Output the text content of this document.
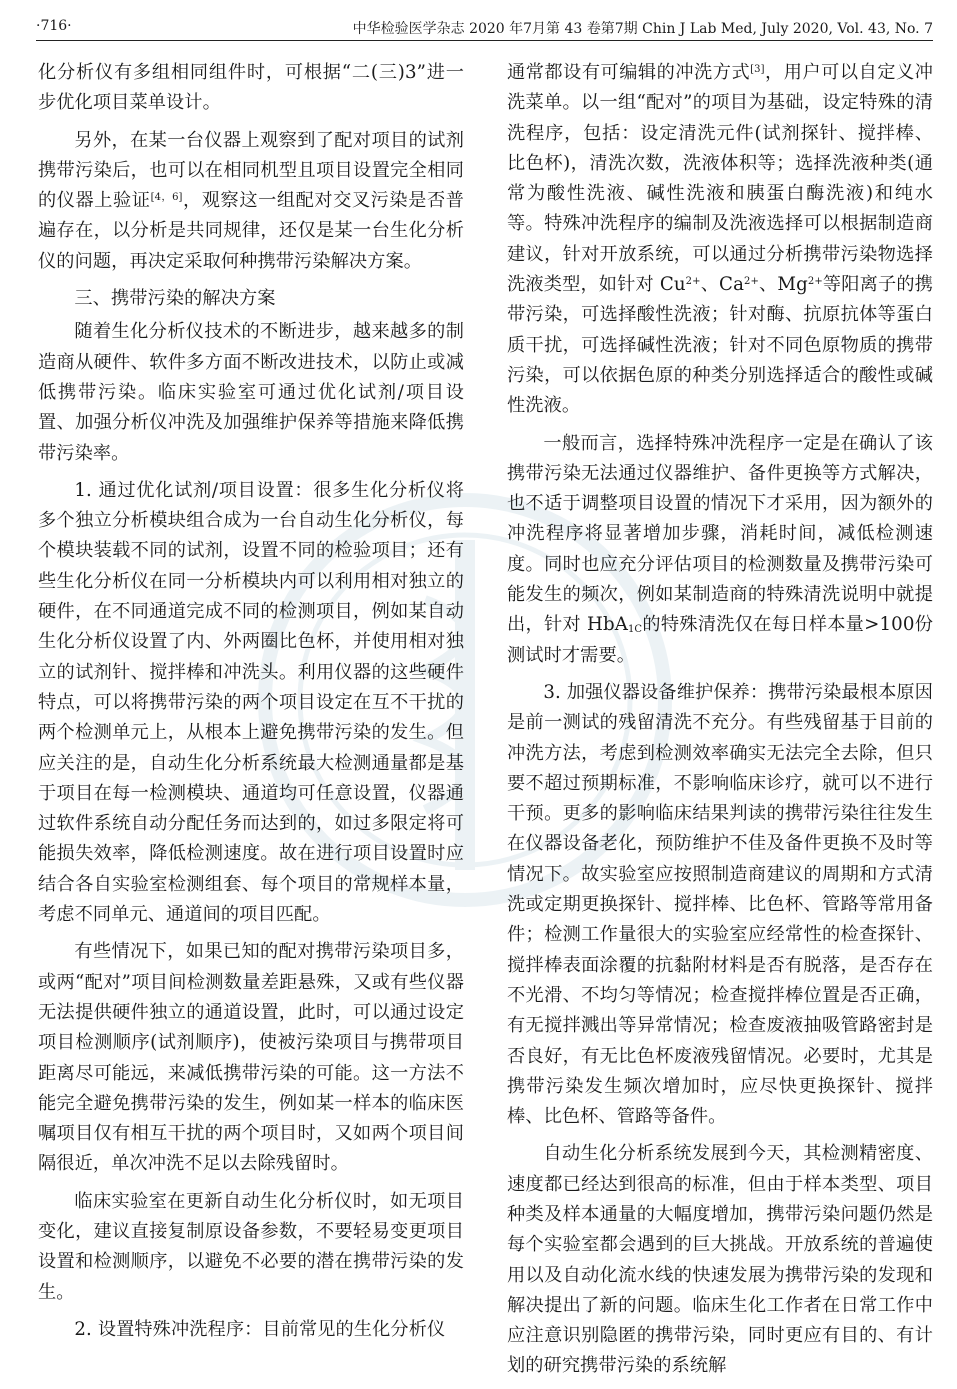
·716·	中华检验医学杂志 2020 年7月第 43 卷第7期 Chin J Lab Med, July 2020, Vol. 43, No. 7

化分析仪有多组相同组件时，可根据“二(三)3”进一步优化项目菜单设计。

另外，在某一台仪器上观察到了配对项目的试剂携带污染后，也可以在相同机型且项目设置完全相同的仪器上验证[4，6]，观察这一组配对交叉污染是否普遍存在，以分析是共同规律，还仅是某一台生化分析仪的问题，再决定采取何种携带污染解决方案。

三、携带污染的解决方案

随着生化分析仪技术的不断进步，越来越多的制造商从硬件、软件多方面不断改进技术，以防止或减低携带污染。临床实验室可通过优化试剂/项目设置、加强分析仪冲洗及加强维护保养等措施来降低携带污染率。

1. 通过优化试剂/项目设置：很多生化分析仪将多个独立分析模块组合成为一台自动生化分析仪，每个模块装载不同的试剂，设置不同的检验项目；还有些生化分析仪在同一分析模块内可以利用相对独立的硬件，在不同通道完成不同的检测项目，例如某自动生化分析仪设置了内、外两圈比色杯，并使用相对独立的试剂针、搅拌棒和冲洗头。利用仪器的这些硬件特点，可以将携带污染的两个项目设定在互不干扰的两个检测单元上，从根本上避免携带污染的发生。但应关注的是，自动生化分析系统最大检测通量都是基于项目在每一检测模块、通道均可任意设置，仪器通过软件系统自动分配任务而达到的，如过多限定将可能损失效率，降低检测速度。故在进行项目设置时应结合各自实验室检测组套、每个项目的常规样本量，考虑不同单元、通道间的项目匹配。

有些情况下，如果已知的配对携带污染项目多，或两“配对”项目间检测数量差距悬殊，又或有些仪器无法提供硬件独立的通道设置，此时，可以通过设定项目检测顺序(试剂顺序)，使被污染项目与携带项目距离尽可能远，来减低携带污染的可能。这一方法不能完全避免携带污染的发生，例如某一样本的临床医嘱项目仅有相互干扰的两个项目时，又如两个项目间隔很近，单次冲洗不足以去除残留时。

临床实验室在更新自动生化分析仪时，如无项目变化，建议直接复制原设备参数，不要轻易变更项目设置和检测顺序，以避免不必要的潜在携带污染的发生。

2. 设置特殊冲洗程序：目前常见的生化分析仪

通常都设有可编辑的冲洗方式[3]，用户可以自定义冲洗菜单。以一组“配对”的项目为基础，设定特殊的清洗程序，包括：设定清洗元件(试剂探针、搅拌棒、比色杯)，清洗次数，洗液体积等；选择洗液种类(通常为酸性洗液、碱性洗液和胰蛋白酶洗液)和纯水等。特殊冲洗程序的编制及洗液选择可以根据制造商建议，针对开放系统，可以通过分析携带污染物选择洗液类型，如针对 $Cu^{2+}$、$Ca^{2+}$、$Mg^{2+}$等阳离子的携带污染，可选择酸性洗液；针对酶、抗原抗体等蛋白质干扰，可选择碱性洗液；针对不同色原物质的携带污染，可以依据色原的种类分别选择适合的酸性或碱性洗液。

一般而言，选择特殊冲洗程序一定是在确认了该携带污染无法通过仪器维护、备件更换等方式解决，也不适于调整项目设置的情况下才采用，因为额外的冲洗程序将显著增加步骤，消耗时间，减低检测速度。同时也应充分评估项目的检测数量及携带污染可能发生的频次，例如某制造商的特殊清洗说明中就提出，针对 HbA$_{1C}$的特殊清洗仅在每日样本量>100份测试时才需要。

3. 加强仪器设备维护保养：携带污染最根本原因是前一测试的残留清洗不充分。有些残留基于目前的冲洗方法，考虑到检测效率确实无法完全去除，但只要不超过预期标准，不影响临床诊疗，就可以不进行干预。更多的影响临床结果判读的携带污染往往发生在仪器设备老化，预防维护不佳及备件更换不及时等情况下。故实验室应按照制造商建议的周期和方式清洗或定期更换探针、搅拌棒、比色杯、管路等常用备件；检测工作量很大的实验室应经常性的检查探针、搅拌棒表面涂覆的抗黏附材料是否有脱落，是否存在不光滑、不均匀等情况；检查搅拌棒位置是否正确，有无搅拌溅出等异常情况；检查废液抽吸管路密封是否良好，有无比色杯废液残留情况。必要时，尤其是携带污染发生频次增加时，应尽快更换探针、搅拌棒、比色杯、管路等备件。

自动生化分析系统发展到今天，其检测精密度、速度都已经达到很高的标准，但由于样本类型、项目种类及样本通量的大幅度增加，携带污染问题仍然是每个实验室都会遇到的巨大挑战。开放系统的普遍使用以及自动化流水线的快速发展为携带污染的发现和解决提出了新的问题。临床生化工作者在日常工作中应注意识别隐匿的携带污染，同时更应有目的、有计划的研究携带污染的系统解
